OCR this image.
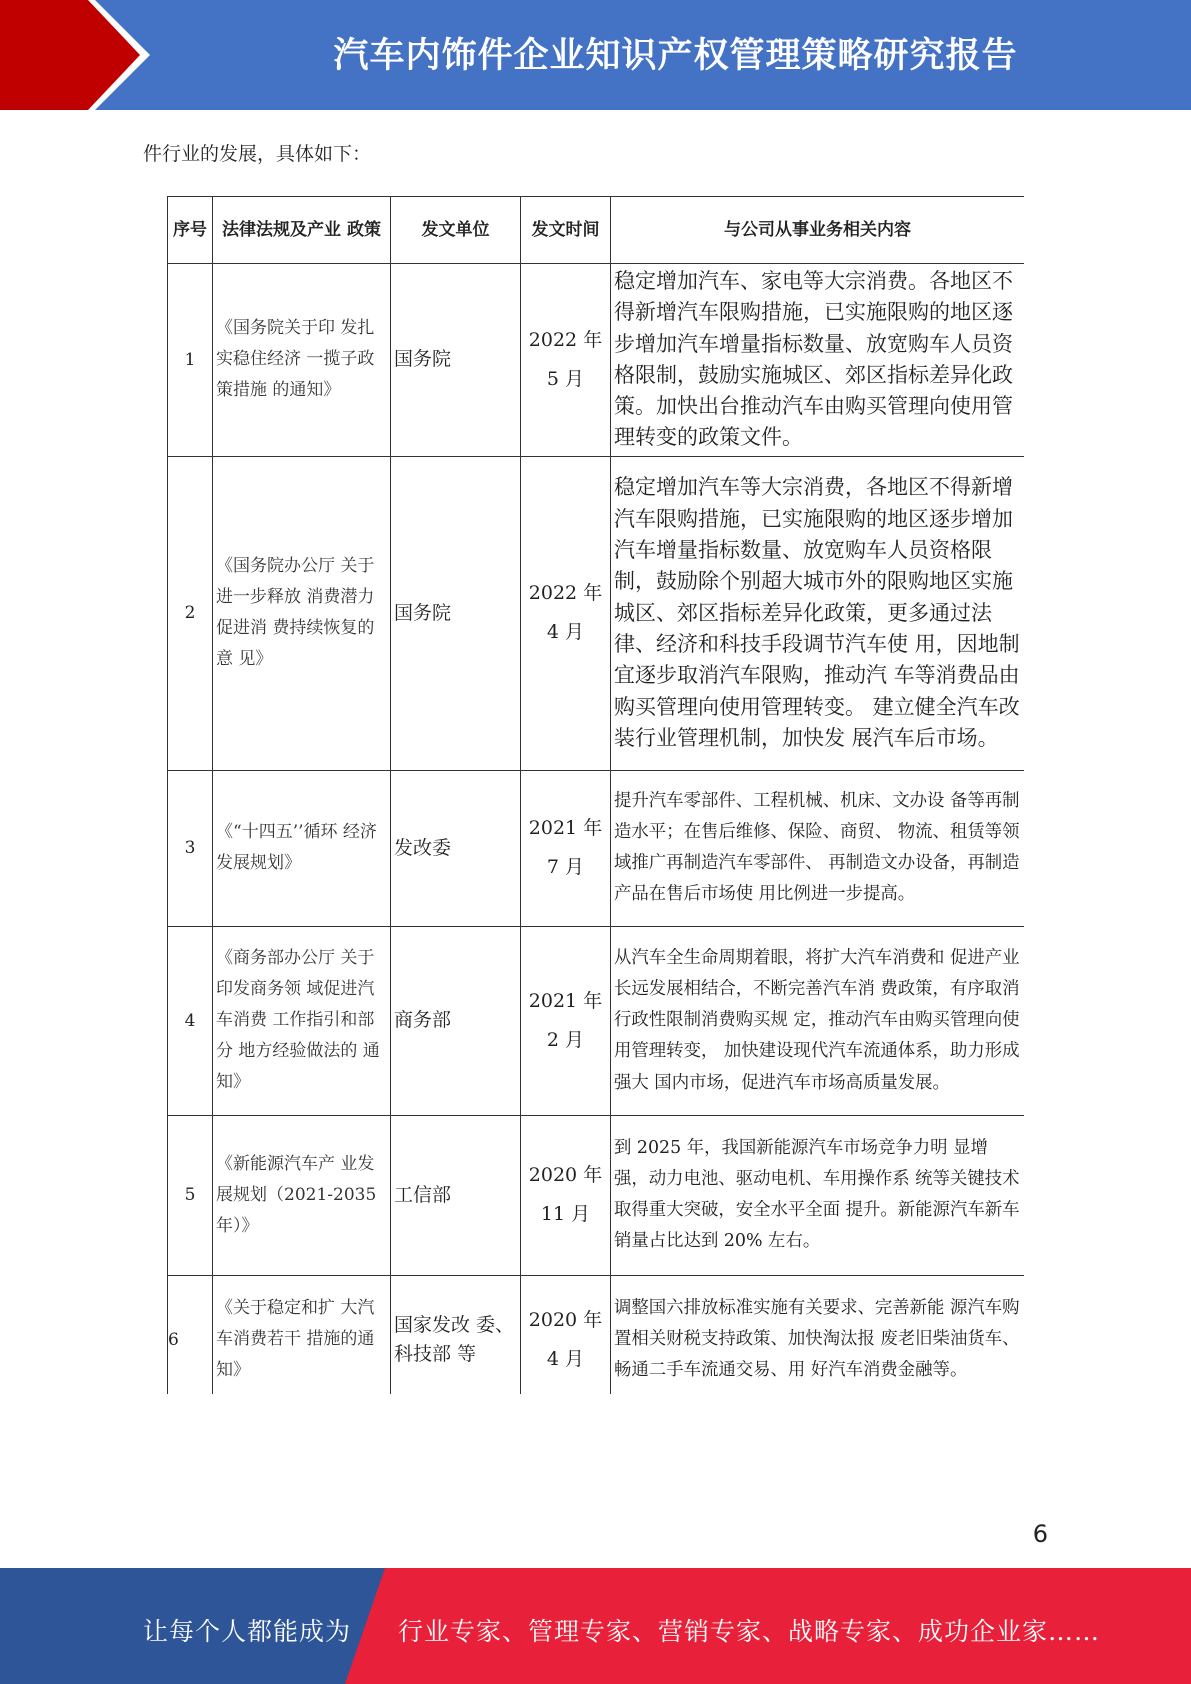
汽车内饰件企业知识产权管理策略研究报告
件行业的发展，具体如下：
序号	法律法规及产业 政策	发文单位	发文时间	与公司从事业务相关内容
1	《国务院关于印 发扎实稳住经济 一揽子政策措施 的通知》	国务院	2022 年 5 月	稳定增加汽车、家电等大宗消费。各地区不得新增汽车限购措施，已实施限购的地区逐步增加汽车增量指标数量、放宽购车人员资格限制，鼓励实施城区、郊区指标差异化政策。加快出台推动汽车由购买管理向使用管理转变的政策文件。
2	《国务院办公厅 关于进一步释放 消费潜力促进消 费持续恢复的意 见》	国务院	2022 年 4 月	稳定增加汽车等大宗消费，各地区不得新增汽车限购措施，已实施限购的地区逐步增加汽车增量指标数量、放宽购车人员资格限制，鼓励除个别超大城市外的限购地区实施城区、郊区指标差异化政策，更多通过法律、经济和科技手段调节汽车使 用，因地制宜逐步取消汽车限购，推动汽 车等消费品由购买管理向使用管理转变。 建立健全汽车改装行业管理机制，加快发 展汽车后市场。
3	《“十四五’’循环 经济发展规划》	发改委	2021 年 7 月	提升汽车零部件、工程机械、机床、文办设 备等再制造水平；在售后维修、保险、商贸、 物流、租赁等领域推广再制造汽车零部件、 再制造文办设备，再制造产品在售后市场使 用比例进一步提高。
4	《商务部办公厅 关于印发商务领 域促进汽车消费 工作指引和部分 地方经验做法的 通知》	商务部	2021 年 2 月	从汽车全生命周期着眼，将扩大汽车消费和 促进产业长远发展相结合，不断完善汽车消 费政策，有序取消行政性限制消费购买规 定，推动汽车由购买管理向使用管理转变， 加快建设现代汽车流通体系，助力形成强大 国内市场，促进汽车市场高质量发展。
5	《新能源汽车产 业发展规划（2021-2035 年）》	工信部	2020 年 11 月	到 2025 年，我国新能源汽车市场竞争力明 显增强，动力电池、驱动电机、车用操作系 统等关键技术取得重大突破，安全水平全面 提升。新能源汽车新车销量占比达到 20% 左右。
6	《关于稳定和扩 大汽车消费若干 措施的通知》	国家发改 委、科技部 等	2020 年 4 月	调整国六排放标准实施有关要求、完善新能 源汽车购置相关财税支持政策、加快淘汰报 废老旧柴油货车、畅通二手车流通交易、用 好汽车消费金融等。
6
让每个人都能成为 行业专家、管理专家、营销专家、战略专家、成功企业家……
